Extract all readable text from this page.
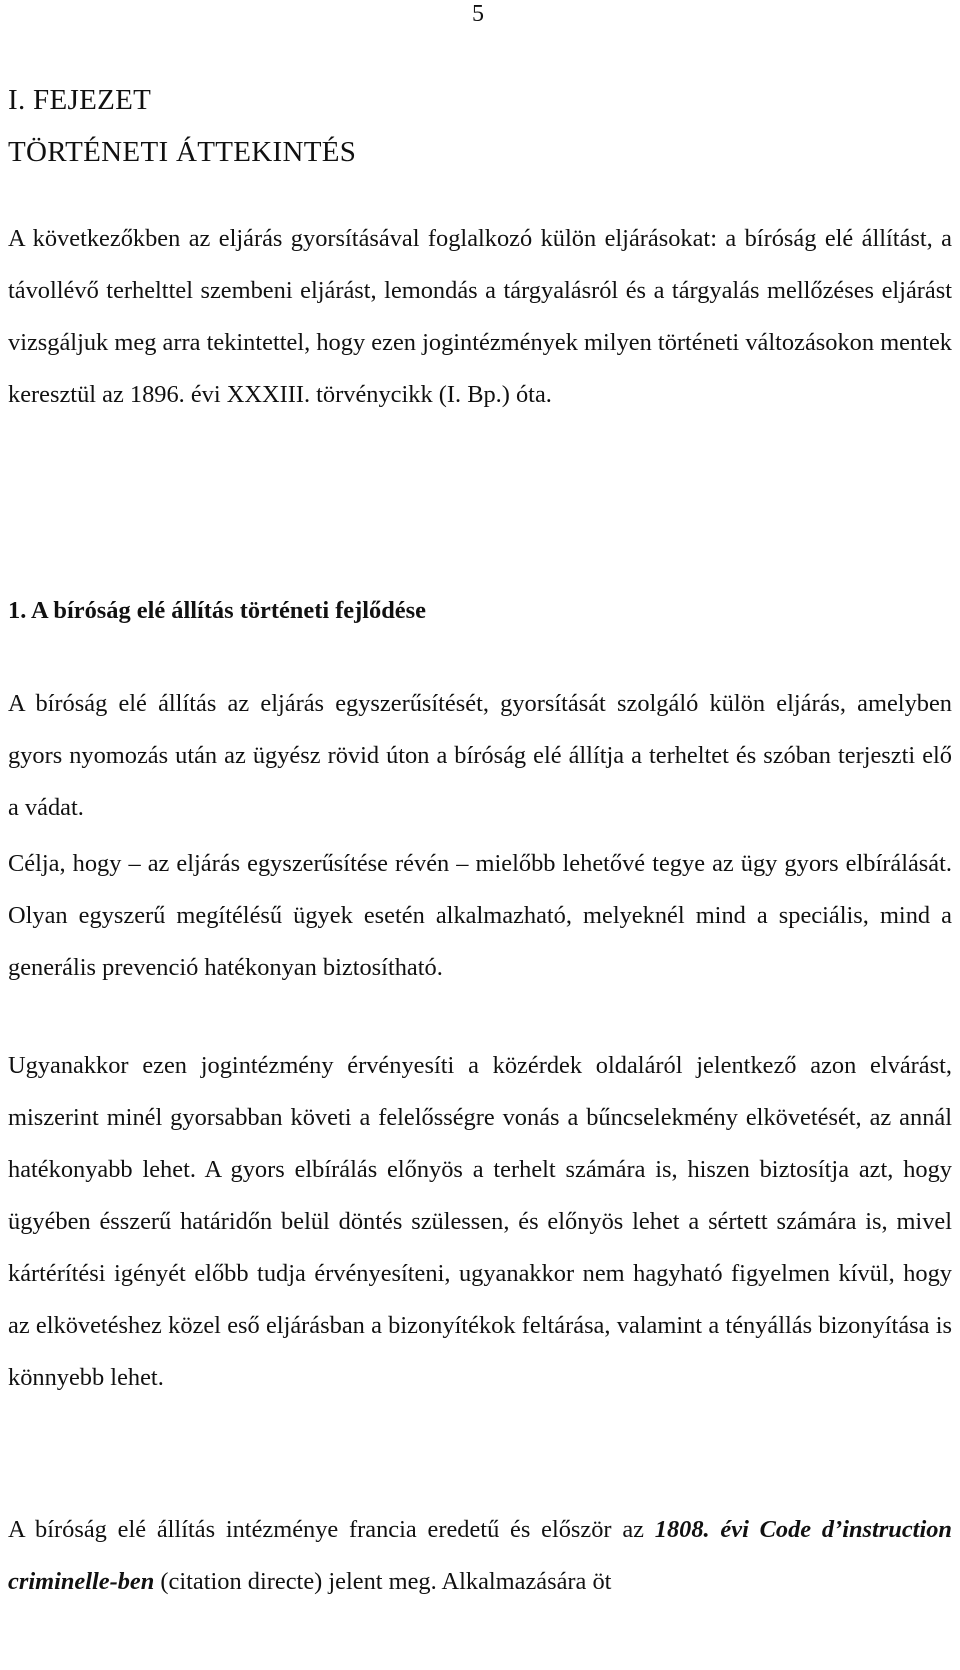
5
I. FEJEZET
TÖRTÉNETI ÁTTEKINTÉS

A következőkben az eljárás gyorsításával foglalkozó külön eljárásokat: a bíróság elé állítást, a távollévő terhelttel szembeni eljárást, lemondás a tárgyalásról és a tárgyalás mellőzéses eljárást vizsgáljuk meg arra tekintettel, hogy ezen jogintézmények milyen történeti változásokon mentek keresztül az 1896. évi XXXIII. törvénycikk (I. Bp.) óta.

1. A bíróság elé állítás történeti fejlődése

A bíróság elé állítás az eljárás egyszerűsítését, gyorsítását szolgáló külön eljárás, amelyben gyors nyomozás után az ügyész rövid úton a bíróság elé állítja a terheltet és szóban terjeszti elő a vádat.

Célja, hogy – az eljárás egyszerűsítése révén – mielőbb lehetővé tegye az ügy gyors elbírálását. Olyan egyszerű megítélésű ügyek esetén alkalmazható, melyeknél mind a speciális, mind a generális prevenció hatékonyan biztosítható.

Ugyanakkor ezen jogintézmény érvényesíti a közérdek oldaláról jelentkező azon elvárást, miszerint minél gyorsabban követi a felelősségre vonás a bűncselekmény elkövetését, az annál hatékonyabb lehet. A gyors elbírálás előnyös a terhelt számára is, hiszen biztosítja azt, hogy ügyében ésszerű határidőn belül döntés szülessen, és előnyös lehet a sértett számára is, mivel kártérítési igényét előbb tudja érvényesíteni, ugyanakkor nem hagyható figyelmen kívül, hogy az elkövetéshez közel eső eljárásban a bizonyítékok feltárása, valamint a tényállás bizonyítása is könnyebb lehet.

A bíróság elé állítás intézménye francia eredetű és először az 1808. évi Code d’instruction criminelle-ben (citation directe) jelent meg. Alkalmazására öt
